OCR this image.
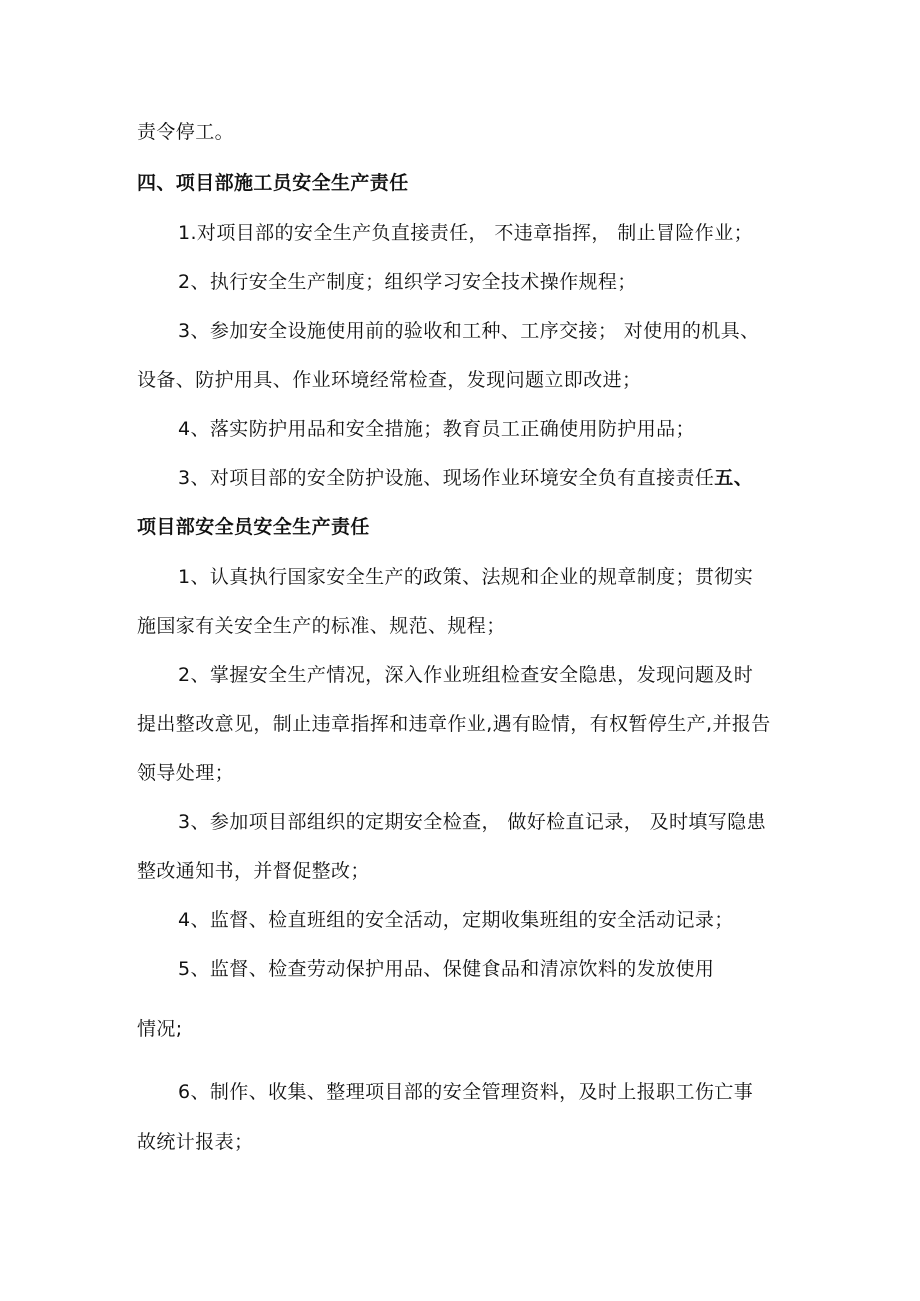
责令停工。
四、项目部施工员安全生产责任
1.对项目部的安全生产负直接责任， 不违章指挥， 制止冒险作业；
2、执行安全生产制度；组织学习安全技术操作规程；
3、参加安全设施使用前的验收和工种、工序交接； 对使用的机具、
设备、防护用具、作业环境经常检查，发现问题立即改进；
4、落实防护用品和安全措施；教育员工正确使用防护用品；
3、对项目部的安全防护设施、现场作业环境安全负有直接责任五、
项目部安全员安全生产责任
1、认真执行国家安全生产的政策、法规和企业的规章制度；贯彻实
施国家有关安全生产的标准、规范、规程；
2、掌握安全生产情况，深入作业班组检查安全隐患，发现问题及时
提出整改意见，制止违章指挥和违章作业,遇有睑情，有权暂停生产,并报告
领导处理；
3、参加项目部组织的定期安全检查， 做好检直记录， 及时填写隐患
整改通知书，并督促整改；
4、监督、检直班组的安全活动，定期收集班组的安全活动记录；
5、监督、检查劳动保护用品、保健食品和清凉饮料的发放使用
情况;
6、制作、收集、整理项目部的安全管理资料，及时上报职工伤亡事
故统计报表；
